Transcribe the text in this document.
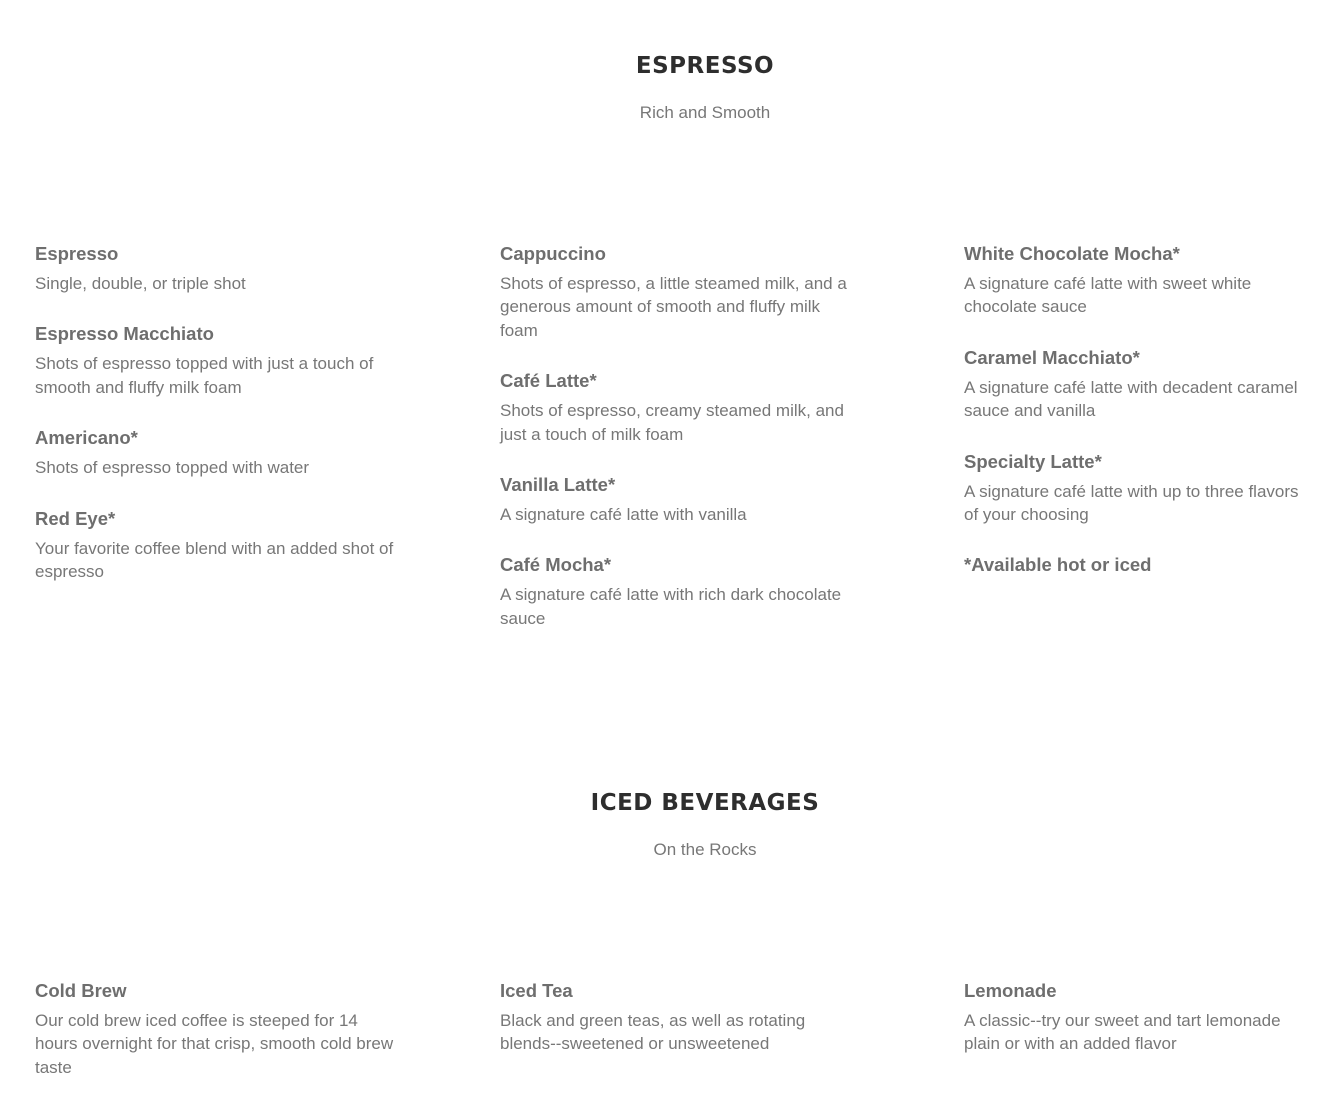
ESPRESSO

Rich and Smooth

Espresso

Single, double, or triple shot

Espresso Macchiato

Shots of espresso topped with just a touch of smooth and fluffy milk foam

Americano*

Shots of espresso topped with water

Red Eye*

Your favorite coffee blend with an added shot of espresso

Cappuccino

Shots of espresso, a little steamed milk, and a generous amount of smooth and fluffy milk foam

Café Latte*

Shots of espresso, creamy steamed milk, and just a touch of milk foam

Vanilla Latte*

A signature café latte with vanilla

Café Mocha*

A signature café latte with rich dark chocolate sauce

White Chocolate Mocha*

A signature café latte with sweet white chocolate sauce

Caramel Macchiato*

A signature café latte with decadent caramel sauce and vanilla

Specialty Latte*

A signature café latte with up to three flavors of your choosing

*Available hot or iced

ICED BEVERAGES

On the Rocks

Cold Brew

Our cold brew iced coffee is steeped for 14 hours overnight for that crisp, smooth cold brew taste

Iced Tea

Black and green teas, as well as rotating blends--sweetened or unsweetened

Lemonade

A classic--try our sweet and tart lemonade plain or with an added flavor
